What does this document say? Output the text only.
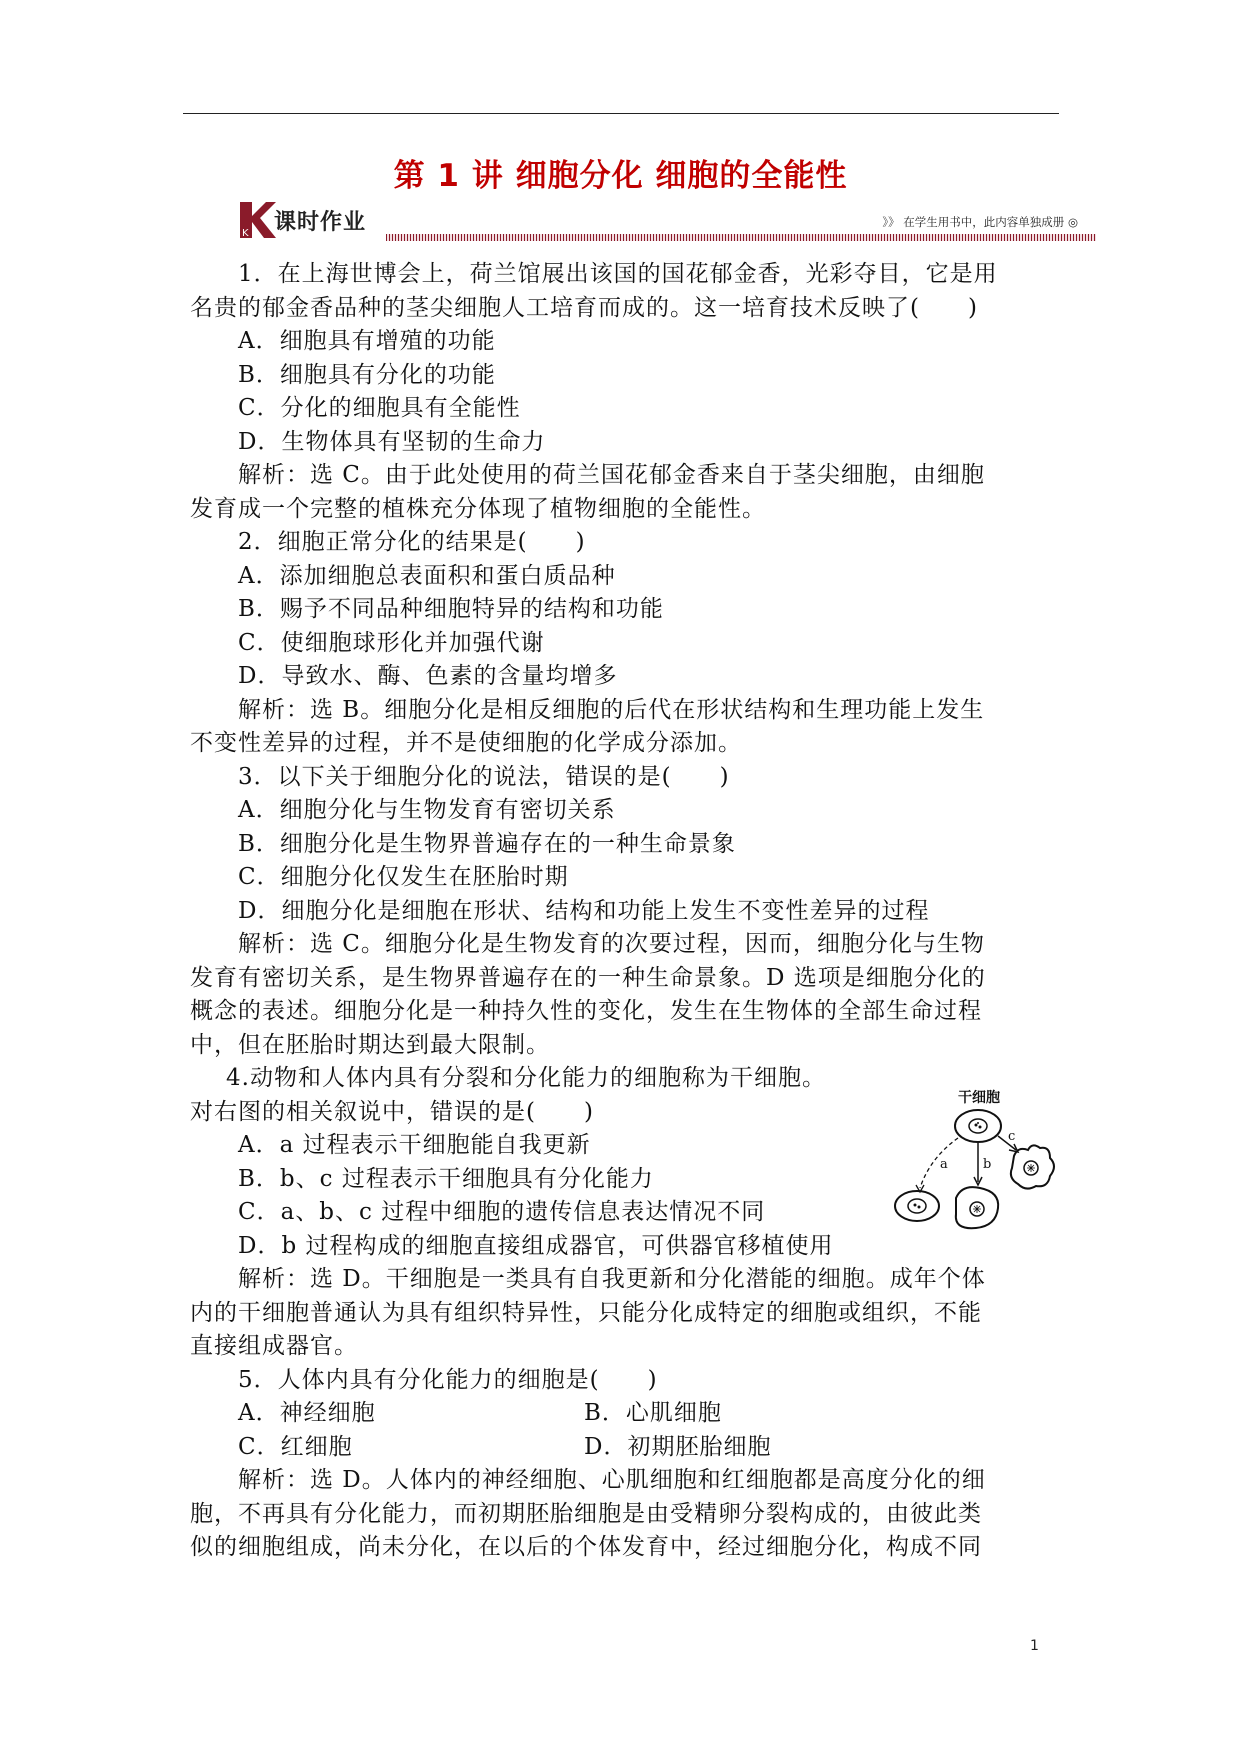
第 1 讲 细胞分化 细胞的全能性
K 课时作业	》》 在学生用书中，此内容单独成册 ◎
1．在上海世博会上，荷兰馆展出该国的国花郁金香，光彩夺目，它是用
名贵的郁金香品种的茎尖细胞人工培育而成的。这一培育技术反映了(　　)
A．细胞具有增殖的功能
B．细胞具有分化的功能
C．分化的细胞具有全能性
D．生物体具有坚韧的生命力
解析：选 C。由于此处使用的荷兰国花郁金香来自于茎尖细胞，由细胞
发育成一个完整的植株充分体现了植物细胞的全能性。
2．细胞正常分化的结果是(　　)
A．添加细胞总表面积和蛋白质品种
B．赐予不同品种细胞特异的结构和功能
C．使细胞球形化并加强代谢
D．导致水、酶、色素的含量均增多
解析：选 B。细胞分化是相反细胞的后代在形状结构和生理功能上发生
不变性差异的过程，并不是使细胞的化学成分添加。
3．以下关于细胞分化的说法，错误的是(　　)
A．细胞分化与生物发育有密切关系
B．细胞分化是生物界普遍存在的一种生命景象
C．细胞分化仅发生在胚胎时期
D．细胞分化是细胞在形状、结构和功能上发生不变性差异的过程
解析：选 C。细胞分化是生物发育的次要过程，因而，细胞分化与生物
发育有密切关系，是生物界普遍存在的一种生命景象。D 选项是细胞分化的
概念的表述。细胞分化是一种持久性的变化，发生在生物体的全部生命过程
中，但在胚胎时期达到最大限制。
4.动物和人体内具有分裂和分化能力的细胞称为干细胞。
对右图的相关叙说中，错误的是(　　)
A．a 过程表示干细胞能自我更新
B．b、c 过程表示干细胞具有分化能力
C．a、b、c 过程中细胞的遗传信息表达情况不同
D．b 过程构成的细胞直接组成器官，可供器官移植使用
解析：选 D。干细胞是一类具有自我更新和分化潜能的细胞。成年个体
内的干细胞普通认为具有组织特异性，只能分化成特定的细胞或组织，不能
直接组成器官。
5．人体内具有分化能力的细胞是(　　)
A．神经细胞	B．心肌细胞
C．红细胞	D．初期胚胎细胞
解析：选 D。人体内的神经细胞、心肌细胞和红细胞都是高度分化的细
胞，不再具有分化能力，而初期胚胎细胞是由受精卵分裂构成的，由彼此类
似的细胞组成，尚未分化，在以后的个体发育中，经过细胞分化，构成不同
干细胞
a	b
c
1
